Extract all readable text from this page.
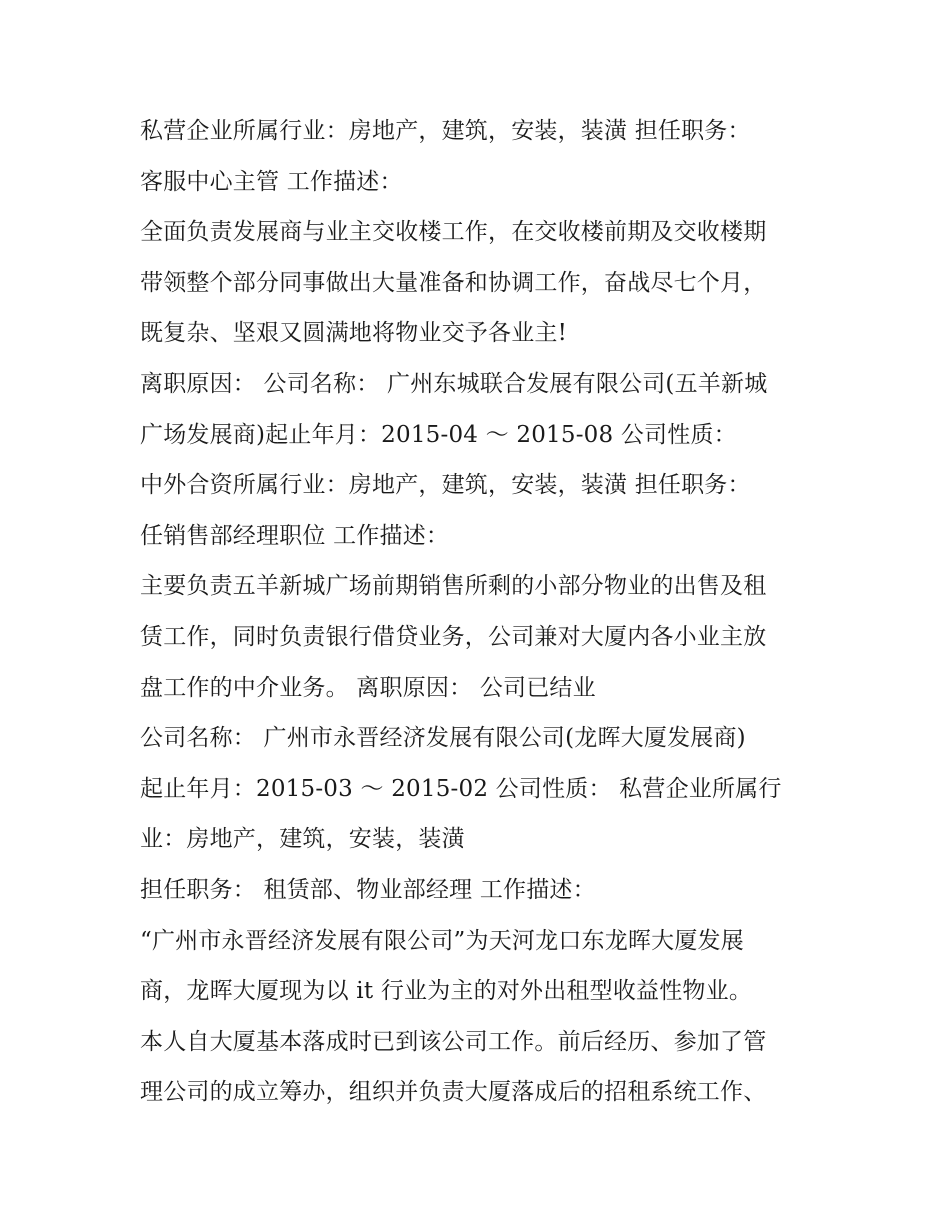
私营企业所属行业：房地产，建筑，安装，装潢 担任职务：
客服中心主管 工作描述：
全面负责发展商与业主交收楼工作，在交收楼前期及交收楼期
带领整个部分同事做出大量准备和协调工作，奋战尽七个月，
既复杂、坚艰又圆满地将物业交予各业主!
离职原因： 公司名称： 广州东城联合发展有限公司(五羊新城
广场发展商)起止年月：2015-04 ～ 2015-08 公司性质：
中外合资所属行业：房地产，建筑，安装，装潢 担任职务：
任销售部经理职位 工作描述：
主要负责五羊新城广场前期销售所剩的小部分物业的出售及租
赁工作，同时负责银行借贷业务，公司兼对大厦内各小业主放
盘工作的中介业务。 离职原因： 公司已结业
公司名称： 广州市永晋经济发展有限公司(龙晖大厦发展商)
起止年月：2015-03 ～ 2015-02 公司性质： 私营企业所属行
业：房地产，建筑，安装，装潢
担任职务： 租赁部、物业部经理 工作描述：
“广州市永晋经济发展有限公司”为天河龙口东龙晖大厦发展
商，龙晖大厦现为以 it 行业为主的对外出租型收益性物业。
本人自大厦基本落成时已到该公司工作。前后经历、参加了管
理公司的成立筹办，组织并负责大厦落成后的招租系统工作、
